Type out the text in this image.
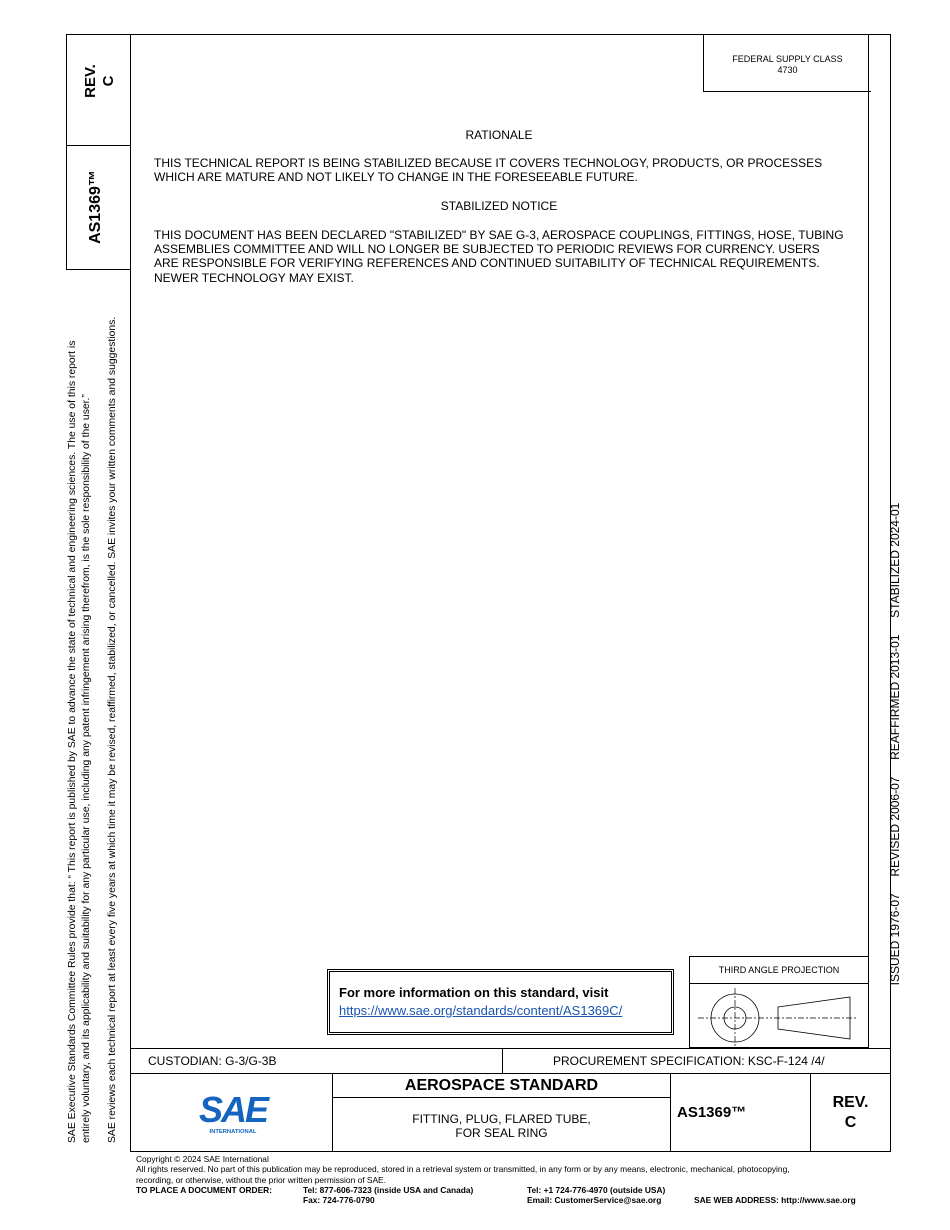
FEDERAL SUPPLY CLASS
4730
REV. C
AS1369™
SAE Executive Standards Committee Rules provide that: “ This report is published by SAE to advance the state of technical and engineering sciences. The use of this report is entirely voluntary, and its applicability and suitability for any particular use, including any patent infringement arising therefrom, is the sole responsibility of the user.”	SAE reviews each technical report at least every five years at which time it may be revised, reaffirmed, stabilized, or cancelled. SAE invites your written comments and suggestions.	ISSUED 1976-07     REVISED 2006-07     REAFFIRMED 2013-01     STABILIZED 2024-01

RATIONALE
THIS TECHNICAL REPORT IS BEING STABILIZED BECAUSE IT COVERS TECHNOLOGY, PRODUCTS, OR PROCESSES WHICH ARE MATURE AND NOT LIKELY TO CHANGE IN THE FORESEEABLE FUTURE.
STABILIZED NOTICE
THIS DOCUMENT HAS BEEN DECLARED "STABILIZED" BY SAE G-3, AEROSPACE COUPLINGS, FITTINGS, HOSE, TUBING ASSEMBLIES COMMITTEE AND WILL NO LONGER BE SUBJECTED TO PERIODIC REVIEWS FOR CURRENCY. USERS ARE RESPONSIBLE FOR VERIFYING REFERENCES AND CONTINUED SUITABILITY OF TECHNICAL REQUIREMENTS. NEWER TECHNOLOGY MAY EXIST.
For more information on this standard, visit
https://www.sae.org/standards/content/AS1369C/
THIRD ANGLE PROJECTION
CUSTODIAN: G-3/G-3B	PROCUREMENT SPECIFICATION: KSC-F-124 /4/
SAE
INTERNATIONAL
AEROSPACE STANDARD
FITTING, PLUG, FLARED TUBE,
FOR SEAL RING
AS1369™
REV.
C
Copyright © 2024 SAE International
All rights reserved. No part of this publication may be reproduced, stored in a retrieval system or transmitted, in any form or by any means, electronic, mechanical, photocopying,
recording, or otherwise, without the prior written permission of SAE.
TO PLACE A DOCUMENT ORDER:	Tel: 877-606-7323 (inside USA and Canada)
Fax: 724-776-0790
Tel: +1 724-776-4970 (outside USA)
Email: CustomerService@sae.org	SAE WEB ADDRESS: http://www.sae.org
